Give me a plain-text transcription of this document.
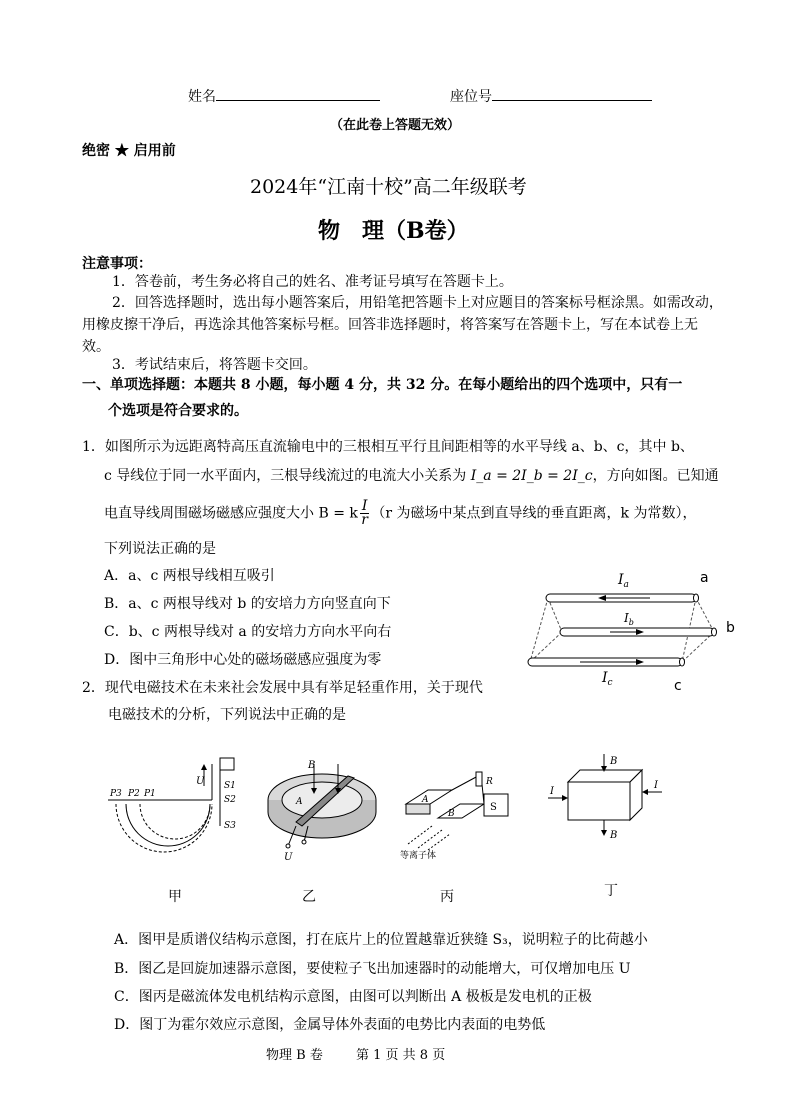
姓名	座位号
（在此卷上答题无效）
绝密 ★ 启用前
2024年“江南十校”高二年级联考
物　理（B卷）
注意事项：
1．答卷前，考生务必将自己的姓名、准考证号填写在答题卡上。
2．回答选择题时，选出每小题答案后，用铅笔把答题卡上对应题目的答案标号框涂黑。如需改动，用橡皮擦干净后，再选涂其他答案标号框。回答非选择题时，将答案写在答题卡上，写在本试卷上无效。
3．考试结束后，将答题卡交回。
一、单项选择题：本题共 8 小题，每小题 4 分，共 32 分。在每小题给出的四个选项中，只有一
个选项是符合要求的。
1．如图所示为远距离特高压直流输电中的三根相互平行且间距相等的水平导线 a、b、c，其中 b、
c 导线位于同一水平面内，三根导线流过的电流大小关系为 I_a = 2I_b = 2I_c，方向如图。已知通
电直导线周围磁场磁感应强度大小 B = k $\frac{I}{r} (r$ 为磁场中某点到直导线的垂直距离，k 为常数），
下列说法正确的是
A．a、c 两根导线相互吸引
B．a、c 两根导线对 b 的安培力方向竖直向下
C．b、c 两根导线对 a 的安培力方向水平向右
D．图中三角形中心处的磁场磁感应强度为零
$I_a$	a
$I_b$	b
$I_c$	c
2．现代电磁技术在未来社会发展中具有举足轻重作用，关于现代
电磁技术的分析，下列说法中正确的是
P3 P2 P1
U S1
S2
S3
B
A
U
A
B
R
S
等离子体
B
B
I
I
甲	乙	丙	丁
A．图甲是质谱仪结构示意图，打在底片上的位置越靠近狭缝 S₃，说明粒子的比荷越小
B．图乙是回旋加速器示意图，要使粒子飞出加速器时的动能增大，可仅增加电压 U
C．图丙是磁流体发电机结构示意图，由图可以判断出 A 极板是发电机的正极
D．图丁为霍尔效应示意图，金属导体外表面的电势比内表面的电势低
物理 B 卷	第 1 页 共 8 页
